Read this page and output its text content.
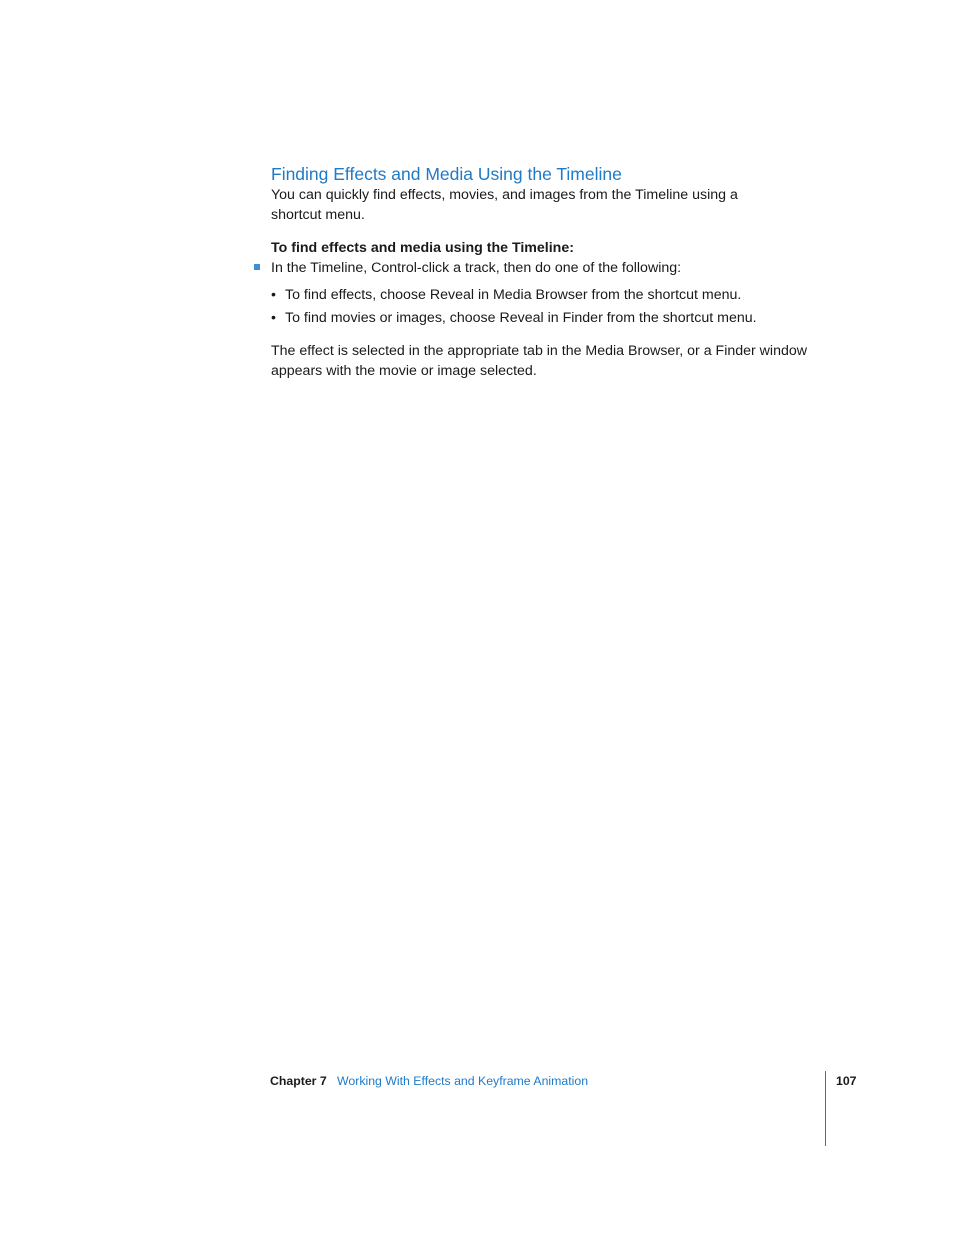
Finding Effects and Media Using the Timeline

You can quickly find effects, movies, and images from the Timeline using a shortcut menu.

To find effects and media using the Timeline:

In the Timeline, Control-click a track, then do one of the following:

• To find effects, choose Reveal in Media Browser from the shortcut menu.

• To find movies or images, choose Reveal in Finder from the shortcut menu.

The effect is selected in the appropriate tab in the Media Browser, or a Finder window appears with the movie or image selected.

Chapter 7 Working With Effects and Keyframe Animation	107
